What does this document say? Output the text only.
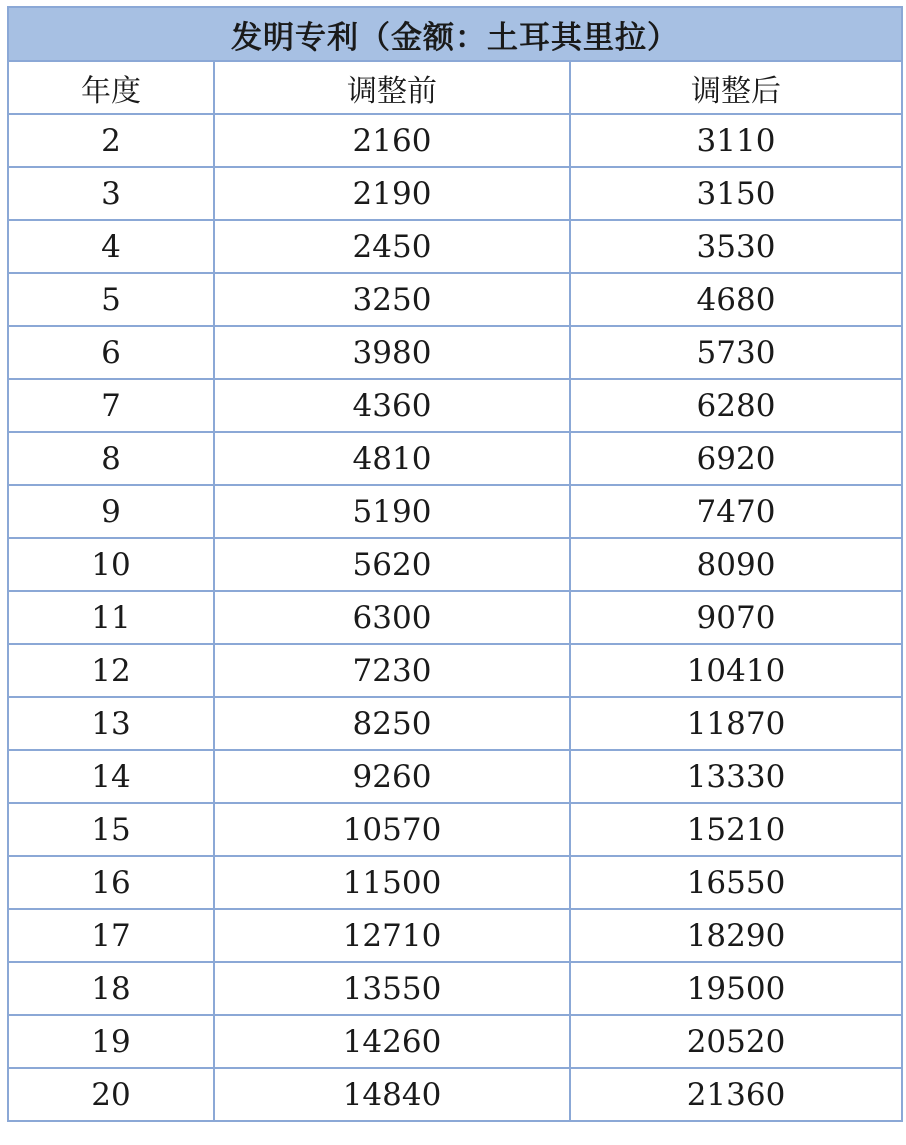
发明专利（金额：土耳其里拉）		
年度	调整前	调整后
2	2160	3110
3	2190	3150
4	2450	3530
5	3250	4680
6	3980	5730
7	4360	6280
8	4810	6920
9	5190	7470
10	5620	8090
11	6300	9070
12	7230	10410
13	8250	11870
14	9260	13330
15	10570	15210
16	11500	16550
17	12710	18290
18	13550	19500
19	14260	20520
20	14840	21360
